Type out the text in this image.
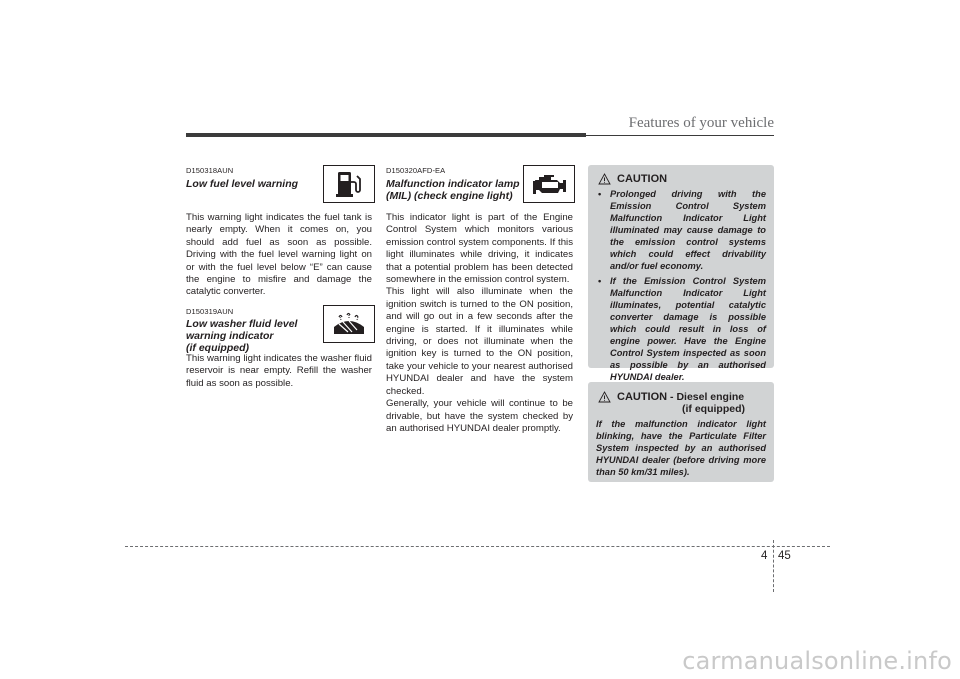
Features of your vehicle
D150318AUN
Low fuel level warning
This warning light indicates the fuel tank is nearly empty. When it comes on, you should add fuel as soon as possible. Driving with the fuel level warning light on or with the fuel level below “E” can cause the engine to misfire and damage the catalytic converter.
D150319AUN
Low washer fluid level
warning indicator
(if equipped)
This warning light indicates the washer fluid reservoir is near empty. Refill the washer fluid as soon as possible.
D150320AFD-EA
Malfunction indicator lamp
(MIL) (check engine light)
This indicator light is part of the Engine Control System which monitors various emission control system components. If this light illuminates while driving, it indicates that a potential problem has been detected somewhere in the emission control system.
This light will also illuminate when the ignition switch is turned to the ON position, and will go out in a few seconds after the engine is started. If it illuminates while driving, or does not illuminate when the ignition key is turned to the ON position, take your vehicle to your nearest authorised HYUNDAI dealer and have the system checked.
Generally, your vehicle will continue to be drivable, but have the system checked by an authorised HYUNDAI dealer promptly.
CAUTION
• Prolonged driving with the Emission Control System Malfunction Indicator Light illuminated may cause damage to the emission control systems which could effect drivability and/or fuel economy.
• If the Emission Control System Malfunction Indicator Light illuminates, potential catalytic converter damage is possible which could result in loss of engine power. Have the Engine Control System inspected as soon as possible by an authorised HYUNDAI dealer.
CAUTION - Diesel engine
(if equipped)
If the malfunction indicator light blinking, have the Particulate Filter System inspected by an authorised HYUNDAI dealer (before driving more than 50 km/31 miles).
4 45
carmanualsonline.info
